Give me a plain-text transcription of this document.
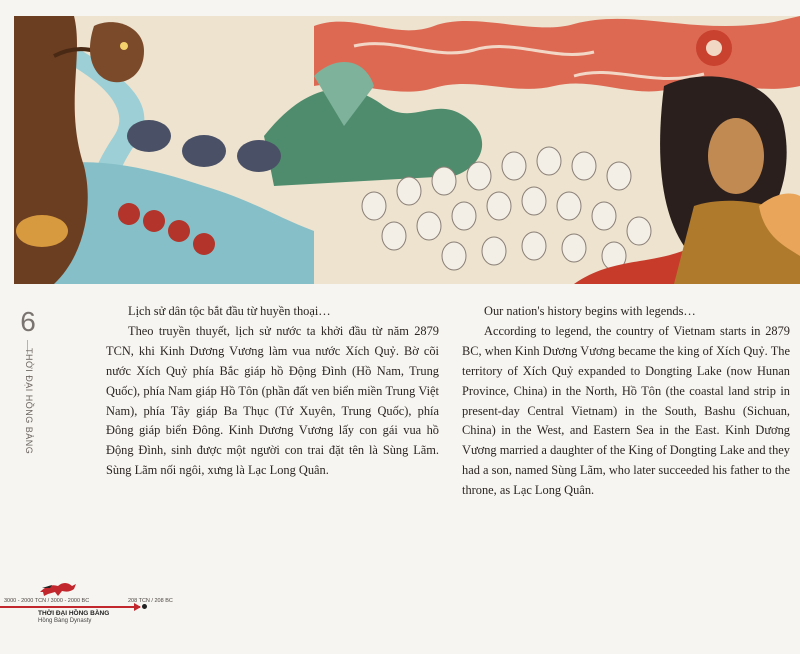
6
THỜI ĐẠI HỒNG BÀNG

Lịch sử dân tộc bắt đầu từ huyền thoại…

Theo truyền thuyết, lịch sử nước ta khởi đầu từ năm 2879 TCN, khi Kinh Dương Vương làm vua nước Xích Quỷ. Bờ cõi nước Xích Quỷ phía Bắc giáp hồ Động Đình (Hồ Nam, Trung Quốc), phía Nam giáp Hồ Tôn (phần đất ven biển miền Trung Việt Nam), phía Tây giáp Ba Thục (Tứ Xuyên, Trung Quốc), phía Đông giáp biển Đông. Kinh Dương Vương lấy con gái vua hồ Động Đình, sinh được một người con trai đặt tên là Sùng Lãm. Sùng Lãm nối ngôi, xưng là Lạc Long Quân.

Our nation's history begins with legends…

According to legend, the country of Vietnam starts in 2879 BC, when Kinh Dương Vương became the king of Xích Quỷ. The territory of Xích Quỷ expanded to Dongting Lake (now Hunan Province, China) in the North, Hồ Tôn (the coastal land strip in present-day Central Vietnam) in the South, Bashu (Sichuan, China) in the West, and Eastern Sea in the East. Kinh Dương Vương married a daughter of the King of Dongting Lake and they had a son, named Sùng Lãm, who later succeeded his father to the throne, as Lạc Long Quân.

3000 - 2000 TCN / 3000 - 2000 BC	208 TCN / 208 BC
THỜI ĐẠI HỒNG BÀNG
Hồng Bàng Dynasty
